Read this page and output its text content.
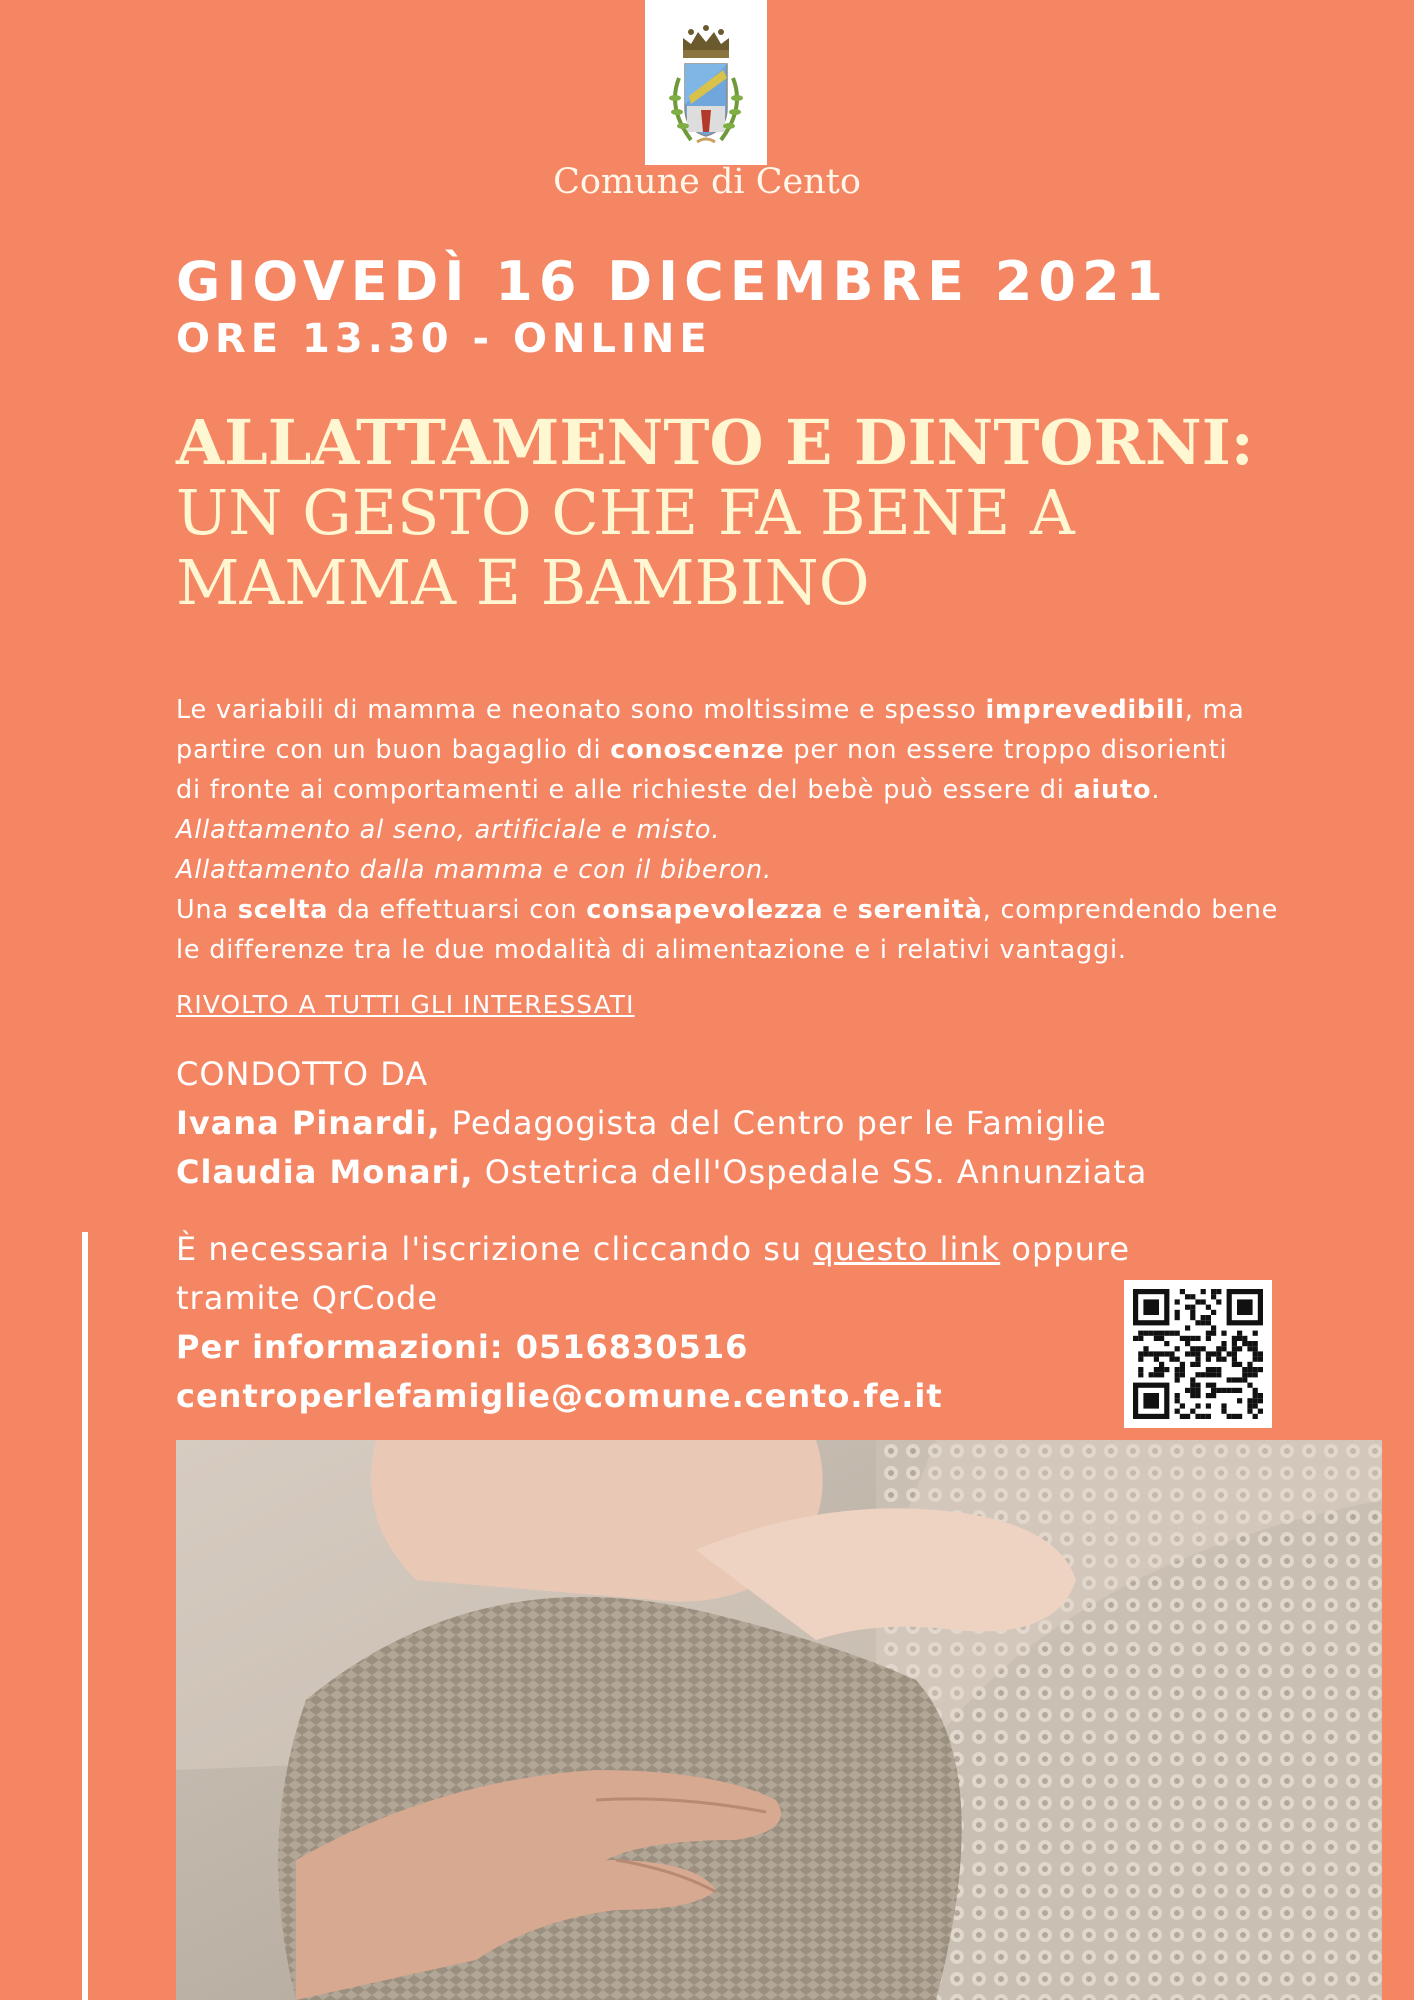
Comune di Cento
GIOVEDÌ 16 DICEMBRE 2021
ORE 13.30 - ONLINE
ALLATTAMENTO E DINTORNI:
UN GESTO CHE FA BENE A
MAMMA E BAMBINO

Le variabili di mamma e neonato sono moltissime e spesso imprevedibili, ma

partire con un buon bagaglio di conoscenze per non essere troppo disorienti

di fronte ai comportamenti e alle richieste del bebè può essere di aiuto.

Allattamento al seno, artificiale e misto.

Allattamento dalla mamma e con il biberon.

Una scelta da effettuarsi con consapevolezza e serenità, comprendendo bene

le differenze tra le due modalità di alimentazione e i relativi vantaggi.

RIVOLTO A TUTTI GLI INTERESSATI
CONDOTTO DA
Ivana Pinardi, Pedagogista del Centro per le Famiglie
Claudia Monari, Ostetrica dell'Ospedale SS. Annunziata
È necessaria l'iscrizione cliccando su questo link oppure
tramite QrCode
Per informazioni: 0516830516
centroperlefamiglie@comune.cento.fe.it
